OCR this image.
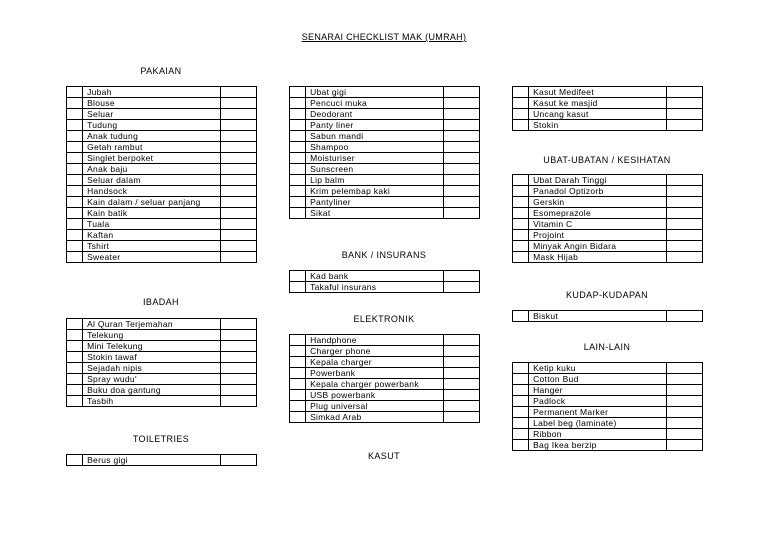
SENARAI CHECKLIST MAK (UMRAH)
PAKAIAN
	Jubah	
	Blouse	
	Seluar	
	Tudung	
	Anak tudung	
	Getah rambut	
	Singlet berpoket	
	Anak baju	
	Seluar dalam	
	Handsock	
	Kain dalam / seluar panjang	
	Kain batik	
	Tuala	
	Kaftan	
	Tshirt	
	Sweater	
IBADAH
	Al Quran Terjemahan	
	Telekung	
	Mini Telekung	
	Stokin tawaf	
	Sejadah nipis	
	Spray wudu'	
	Buku doa gantung	
	Tasbih	
TOILETRIES
	Berus gigi	
	Ubat gigi	
	Pencuci muka	
	Deodorant	
	Panty liner	
	Sabun mandi	
	Shampoo	
	Moisturiser	
	Sunscreen	
	Lip balm	
	Krim pelembap kaki	
	Pantyliner	
	Sikat	
BANK / INSURANS
	Kad bank	
	Takaful insurans	
ELEKTRONIK
	Handphone	
	Charger phone	
	Kepala charger	
	Powerbank	
	Kepala charger powerbank	
	USB powerbank	
	Plug universal	
	Simkad Arab	
KASUT
	Kasut Medifeet	
	Kasut ke masjid	
	Uncang kasut	
	Stokin	
UBAT-UBATAN / KESIHATAN
	Ubat Darah Tinggi	
	Panadol Optizorb	
	Gerskin	
	Esomeprazole	
	Vitamin C	
	Projoint	
	Minyak Angin Bidara	
	Mask Hijab	
KUDAP-KUDAPAN
	Biskut	
LAIN-LAIN
	Ketip kuku	
	Cotton Bud	
	Hanger	
	Padlock	
	Permanent Marker	
	Label beg (laminate)	
	Ribbon	
	Bag Ikea berzip	
